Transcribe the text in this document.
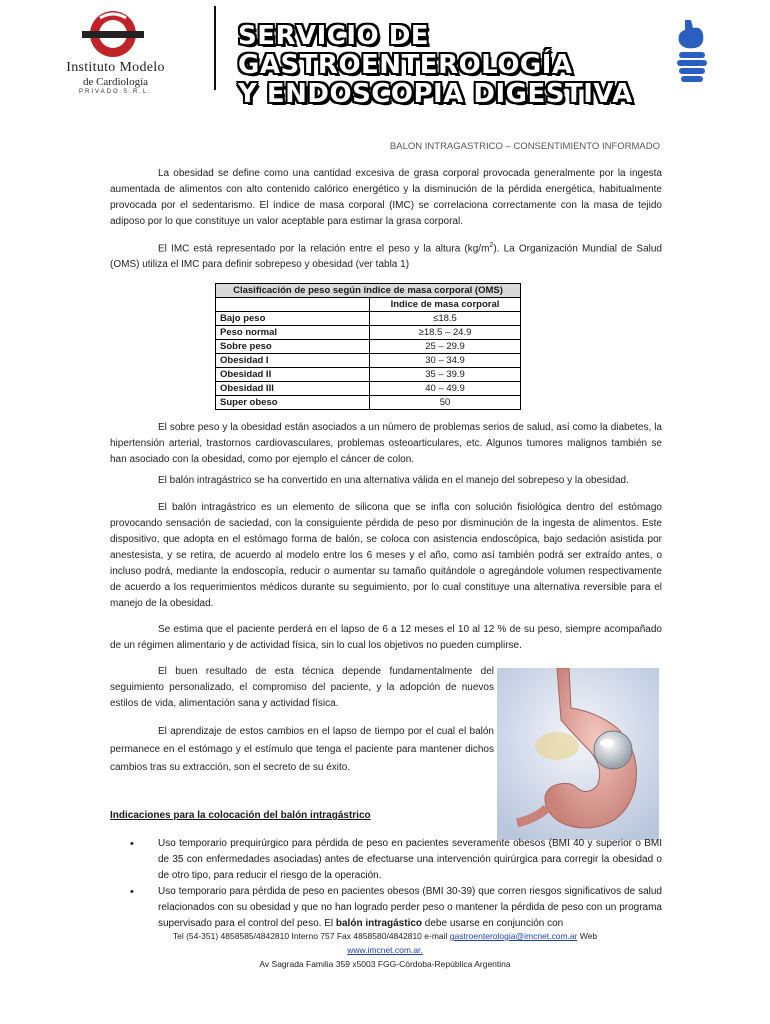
Instituto Modelo
de Cardiología
PRIVADO S.R.L.
SERVICIO DE GASTROENTEROLOGÍA
Y ENDOSCOPIA DIGESTIVA
BALON INTRAGASTRICO – CONSENTIMIENTO INFORMADO

La obesidad se define como una cantidad excesiva de grasa corporal provocada generalmente por la ingesta aumentada de alimentos con alto contenido calórico energético y la disminución de la pérdida energética, habitualmente provocada por el sedentarismo. El índice de masa corporal (IMC) se correlaciona correctamente con la masa de tejido adiposo por lo que constituye un valor aceptable para estimar la grasa corporal.

El IMC está representado por la relación entre el peso y la altura $(kg/m^2)$. La Organización Mundial de Salud (OMS) utiliza el IMC para definir sobrepeso y obesidad (ver tabla 1)

Clasificación de peso según índice de masa corporal (OMS)	
	Indice de masa corporal
Bajo peso	≤18.5
Peso normal	≥18.5 – 24.9
Sobre peso	25 – 29.9
Obesidad I	30 – 34.9
Obesidad II	35 – 39.9
Obesidad III	40 – 49.9
Super obeso	50

El sobre peso y la obesidad están asociados a un número de problemas serios de salud, así como la diabetes, la hipertensión arterial, trastornos cardiovasculares, problemas osteoarticulares, etc. Algunos tumores malignos también se han asociado con la obesidad, como por ejemplo el cáncer de colon.

El balón intragástrico se ha convertido en una alternativa válida en el manejo del sobrepeso y la obesidad.

El balón intragástrico es un elemento de silicona que se infla con solución fisiológica dentro del estómago provocando sensación de saciedad, con la consiguiente pérdida de peso por disminución de la ingesta de alimentos. Este dispositivo, que adopta en el estómago forma de balón, se coloca con asistencia endoscópica, bajo sedación asistida por anestesista, y se retira, de acuerdo al modelo entre los 6 meses y el año, como así también podrá ser extraído antes, o incluso podrá, mediante la endoscopía, reducir o aumentar su tamaño quitándole o agregándole volumen respectivamente de acuerdo a los requerimientos médicos durante su seguimiento, por lo cual constituye una alternativa reversible para el manejo de la obesidad.

Se estima que el paciente perderá en el lapso de 6 a 12 meses el 10 al 12 % de su peso, siempre acompañado de un régimen alimentario y de actividad física, sin lo cual los objetivos no pueden cumplirse.

El buen resultado de esta técnica depende fundamentalmente del seguimiento personalizado, el compromiso del paciente, y la adopción de nuevos estilos de vida, alimentación sana y actividad física.

El aprendizaje de estos cambios en el lapso de tiempo por el cual el balón permanece en el estómago y el estímulo que tenga el paciente para mantener dichos cambios tras su extracción, son el secreto de su éxito.

Indicaciones para la colocación del balón intragástrico
• Uso temporario prequirúrgico para pérdida de peso en pacientes severamente obesos (BMI 40 y superior o BMI de 35 con enfermedades asociadas) antes de efectuarse una intervención quirúrgica para corregir la obesidad o de otro tipo, para reducir el riesgo de la operación.
• Uso temporario para pérdida de peso en pacientes obesos (BMI 30-39) que corren riesgos significativos de salud relacionados con su obesidad y que no han logrado perder peso o mantener la pérdida de peso con un programa supervisado para el control del peso. El balón intragástico debe usarse en conjunción con
Tel (54-351) 4858585/4842810 Interno 757 Fax 4858580/4842810 e-mail gastroenterologia@imcnet.com.ar Web
www.imcnet.com.ar.
Av Sagrada Familia 359 x5003 FGG-Córdoba-República Argentina
